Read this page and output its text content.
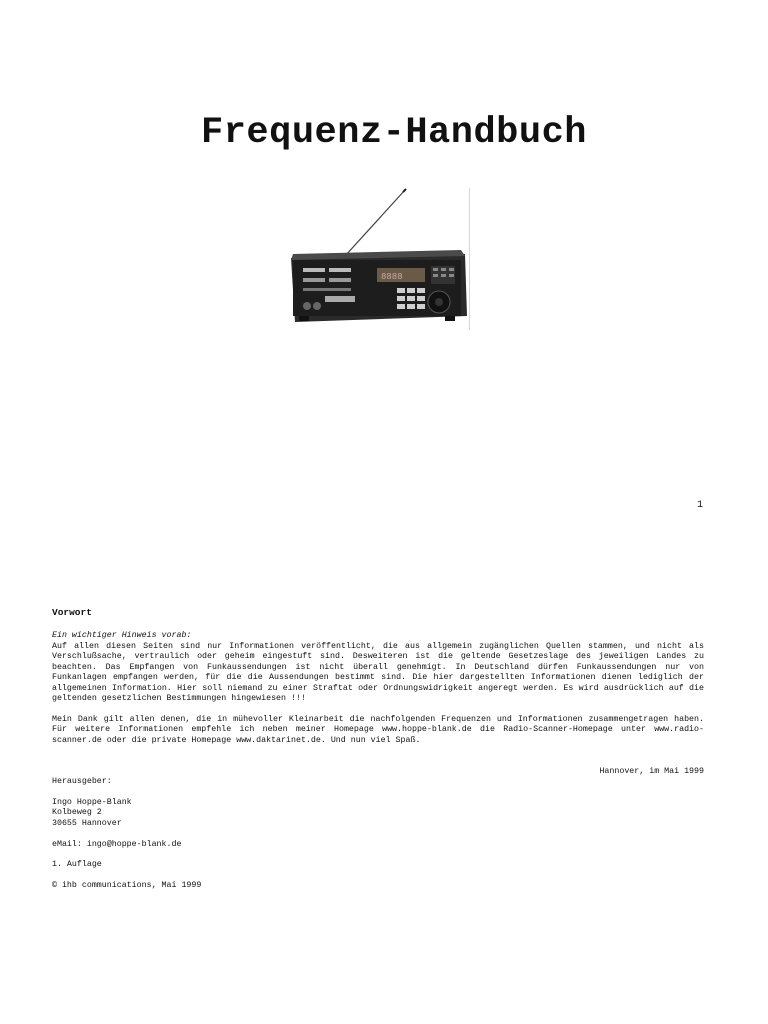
Frequenz-Handbuch
8888
1
Vorwort
Ein wichtiger Hinweis vorab:
Auf allen diesen Seiten sind nur Informationen veröffentlicht, die aus allgemein zugänglichen Quellen stammen, und nicht als Verschlußsache, vertraulich oder geheim eingestuft sind. Desweiteren ist die geltende Gesetzeslage des jeweiligen Landes zu beachten. Das Empfangen von Funkaussendungen ist nicht überall genehmigt. In Deutschland dürfen Funkaussendungen nur von Funkanlagen empfangen werden, für die die Aussendungen bestimmt sind. Die hier dargestellten Informationen dienen lediglich der allgemeinen Information. Hier soll niemand zu einer Straftat oder Ordnungswidrigkeit angeregt werden. Es wird ausdrücklich auf die geltenden gesetzlichen Bestimmungen hingewiesen !!!
Mein Dank gilt allen denen, die in mühevoller Kleinarbeit die nachfolgenden Frequenzen und Informationen zusammengetragen haben. Für weitere Informationen empfehle ich neben meiner Homepage www.hoppe-blank.de die Radio-Scanner-Homepage unter www.radio-scanner.de oder die private Homepage www.daktarinet.de. Und nun viel Spaß.
Hannover, im Mai 1999
Herausgeber:
Ingo Hoppe-Blank
Kolbeweg 2
30655 Hannover
eMail: ingo@hoppe-blank.de
1. Auflage
© ihb communications, Mai 1999
